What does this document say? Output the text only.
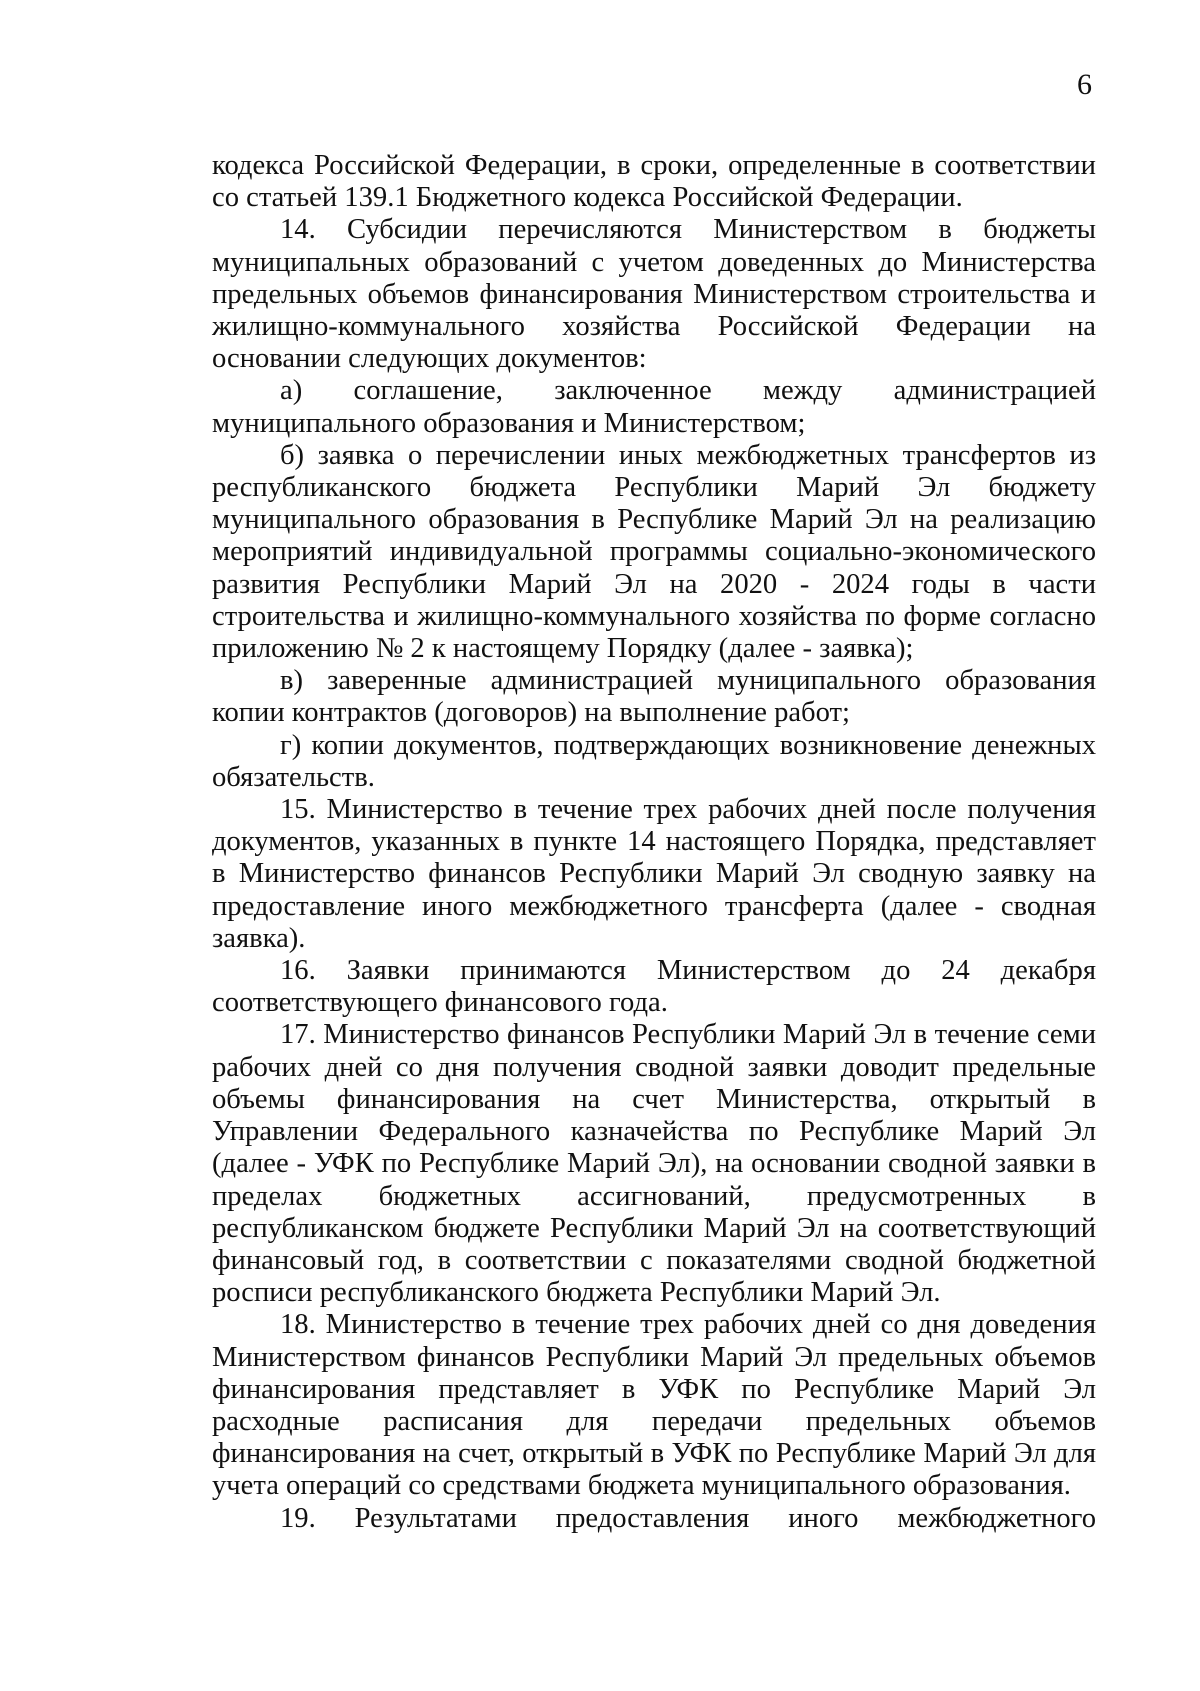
6

кодекса Российской Федерации, в сроки, определенные в соответствии со статьей 139.1 Бюджетного кодекса Российской Федерации.

14. Субсидии перечисляются Министерством в бюджеты муниципальных образований с учетом доведенных до Министерства предельных объемов финансирования Министерством строительства и жилищно-коммунального хозяйства Российской Федерации на основании следующих документов:

а) соглашение, заключенное между администрацией муниципального образования и Министерством;

б) заявка о перечислении иных межбюджетных трансфертов из республиканского бюджета Республики Марий Эл бюджету муниципального образования в Республике Марий Эл на реализацию мероприятий индивидуальной программы социально-экономического развития Республики Марий Эл на 2020 - 2024 годы в части строительства и жилищно-коммунального хозяйства по форме согласно приложению № 2 к настоящему Порядку (далее - заявка);

в) заверенные администрацией муниципального образования копии контрактов (договоров) на выполнение работ;

г) копии документов, подтверждающих возникновение денежных обязательств.

15. Министерство в течение трех рабочих дней после получения документов, указанных в пункте 14 настоящего Порядка, представляет в Министерство финансов Республики Марий Эл сводную заявку на предоставление иного межбюджетного трансферта (далее - сводная заявка).

16. Заявки принимаются Министерством до 24 декабря соответствующего финансового года.

17. Министерство финансов Республики Марий Эл в течение семи рабочих дней со дня получения сводной заявки доводит предельные объемы финансирования на счет Министерства, открытый в Управлении Федерального казначейства по Республике Марий Эл (далее - УФК по Республике Марий Эл), на основании сводной заявки в пределах бюджетных ассигнований, предусмотренных в республиканском бюджете Республики Марий Эл на соответствующий финансовый год, в соответствии с показателями сводной бюджетной росписи республиканского бюджета Республики Марий Эл.

18. Министерство в течение трех рабочих дней со дня доведения Министерством финансов Республики Марий Эл предельных объемов финансирования представляет в УФК по Республике Марий Эл расходные расписания для передачи предельных объемов финансирования на счет, открытый в УФК по Республике Марий Эл для учета операций со средствами бюджета муниципального образования.

19. Результатами предоставления иного межбюджетного
